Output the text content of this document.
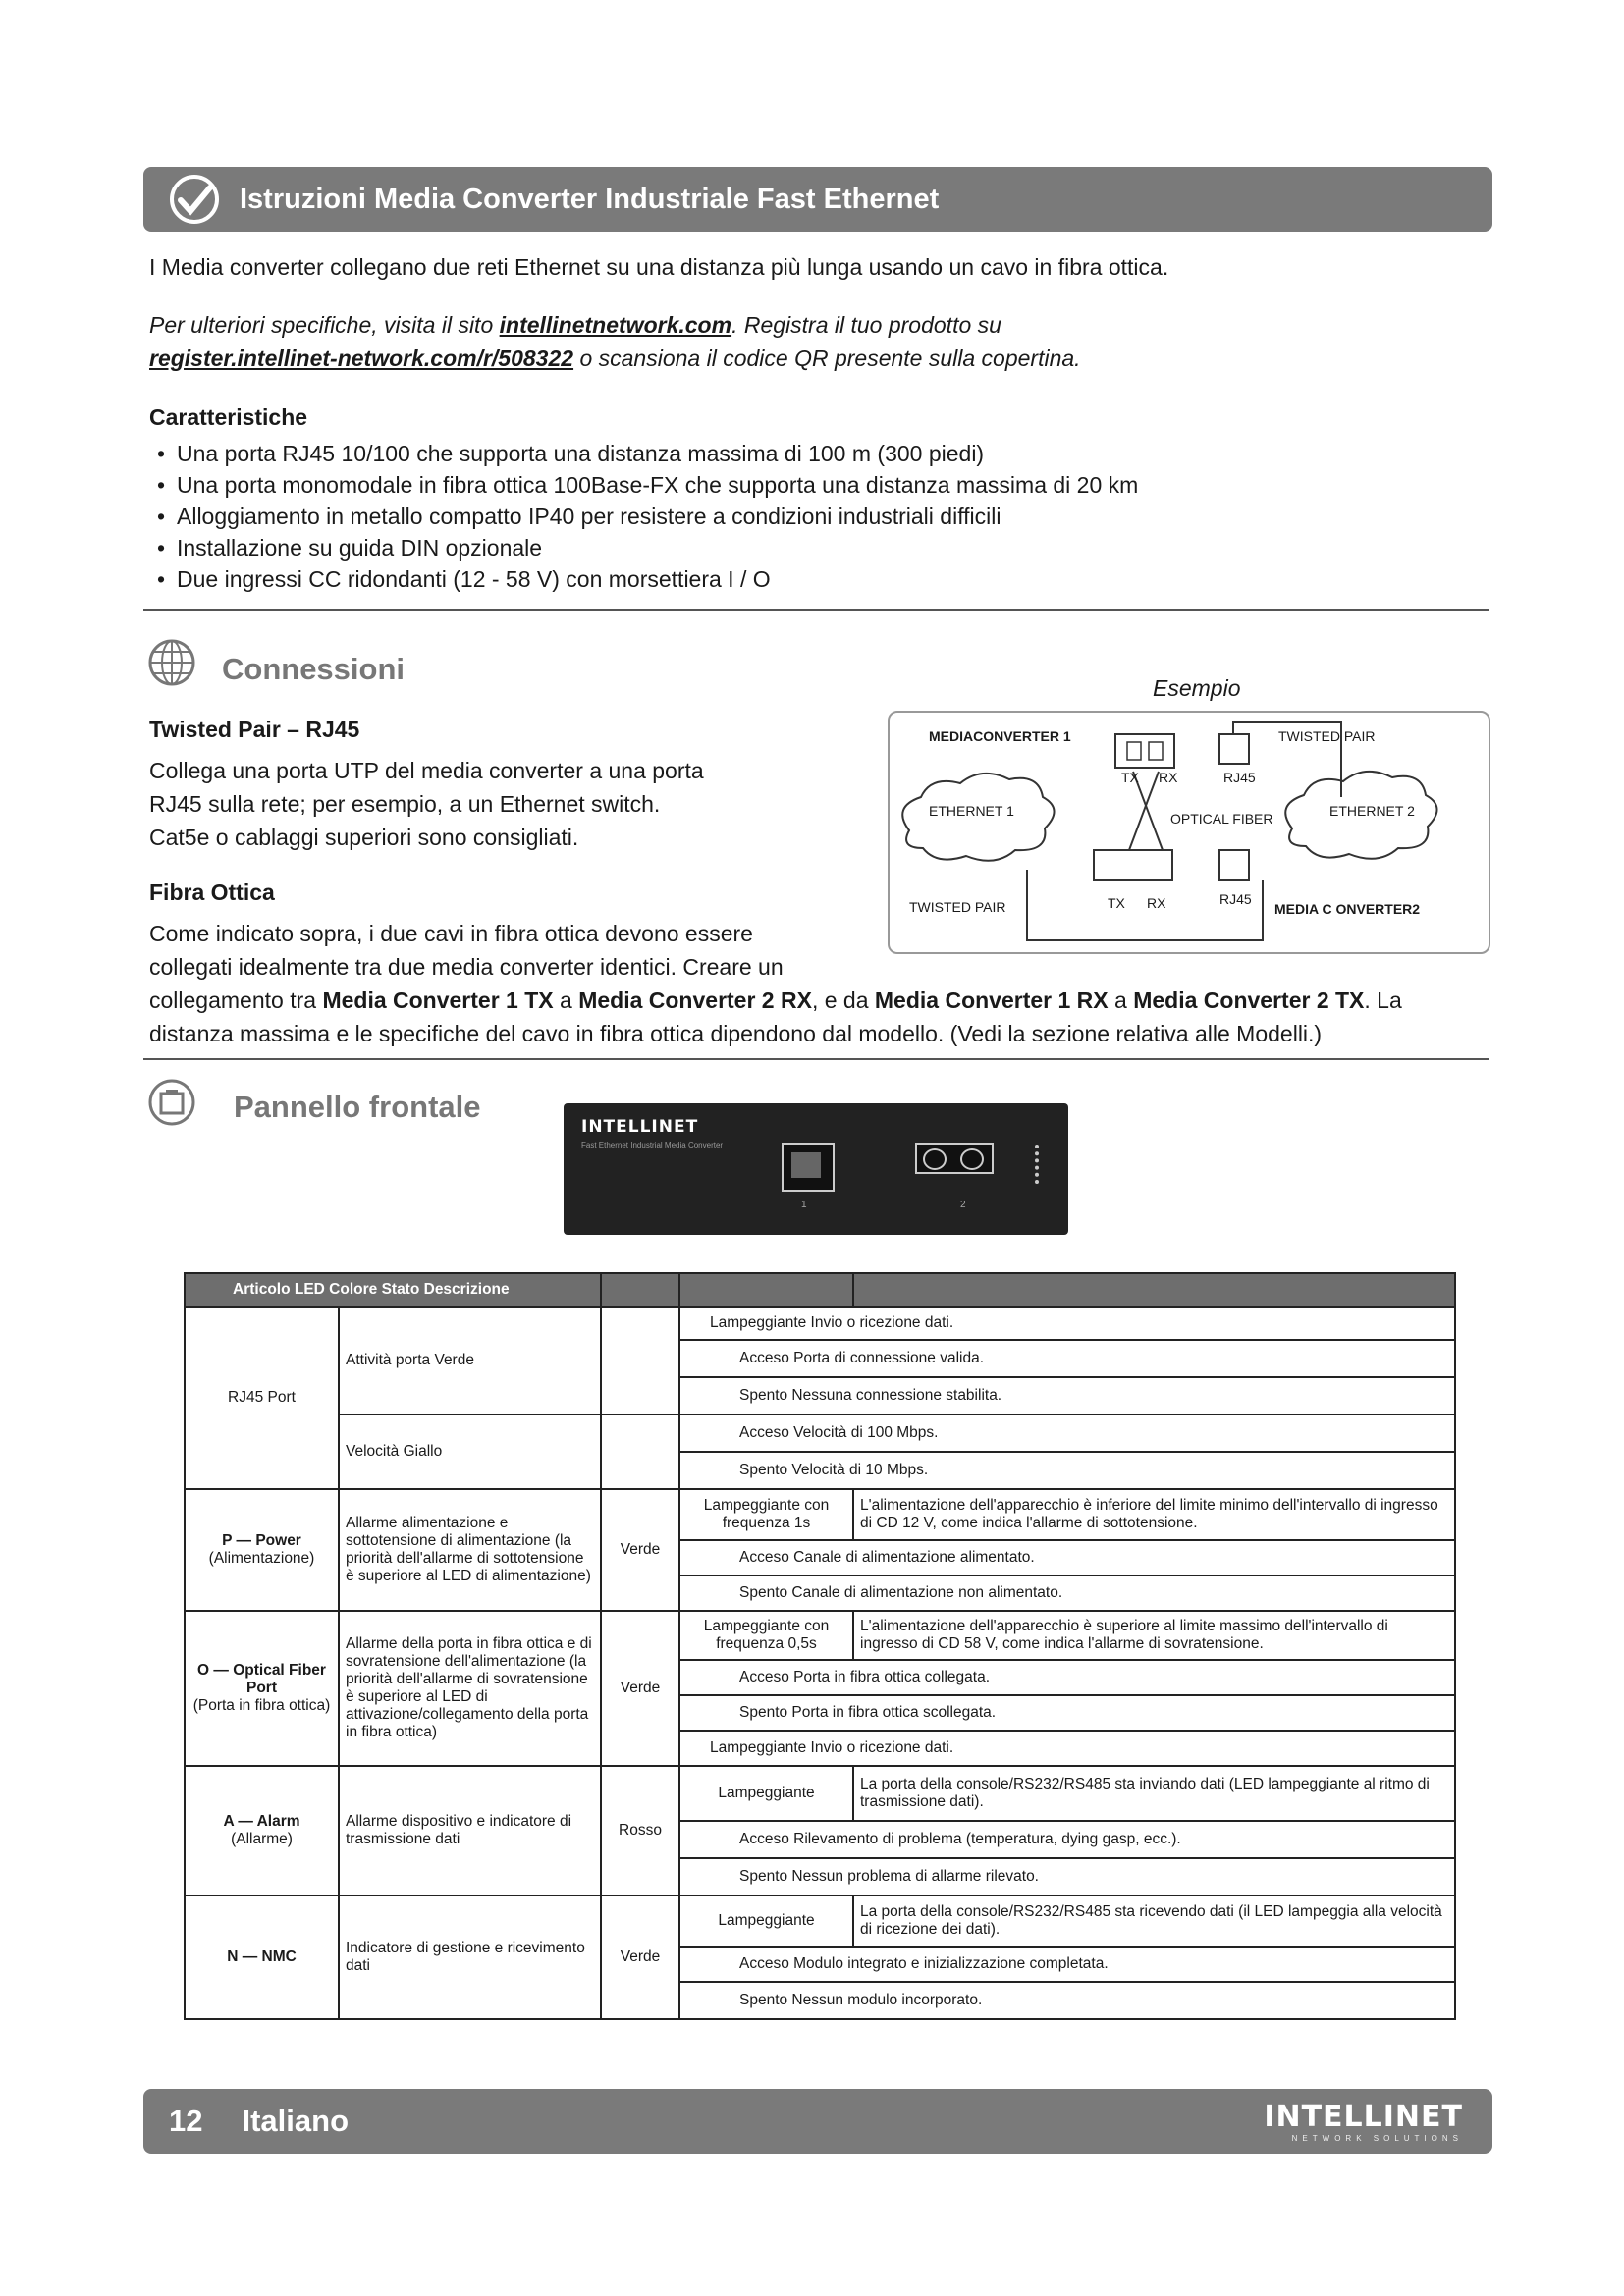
Istruzioni Media Converter Industriale Fast Ethernet
I Media converter collegano due reti Ethernet su una distanza più lunga usando un cavo in fibra ottica.
Per ulteriori specifiche, visita il sito intellinetnetwork.com. Registra il tuo prodotto su
register.intellinet-network.com/r/508322 o scansiona il codice QR presente sulla copertina.
Caratteristiche
• Una porta RJ45 10/100 che supporta una distanza massima di 100 m (300 piedi)
• Una porta monomodale in fibra ottica 100Base-FX che supporta una distanza massima di 20 km
• Alloggiamento in metallo compatto IP40 per resistere a condizioni industriali difficili
• Installazione su guida DIN opzionale
• Due ingressi CC ridondanti (12 - 58 V) con morsettiera I / O
Connessioni
Twisted Pair – RJ45
Collega una porta UTP del media converter a una porta
RJ45 sulla rete; per esempio, a un Ethernet switch.
Cat5e o cablaggi superiori sono consigliati.
Fibra Ottica
Come indicato sopra, i due cavi in fibra ottica devono essere
collegati idealmente tra due media converter identici. Creare un
collegamento tra Media Converter 1 TX a Media Converter 2 RX, e da Media Converter 1 RX a Media Converter 2 TX. La
distanza massima e le specifiche del cavo in fibra ottica dipendono dal modello. (Vedi la sezione relativa alle Modelli.)
Esempio
MEDIACONVERTER 1	TWISTED PAIR
TX RX	RJ45
ETHERNET 1	OPTICAL FIBER	ETHERNET 2
TWISTED PAIR	TX RX	RJ45
MEDIA C ONVERTER2
Pannello frontale
INTELLINET
Fast Ethernet Industrial Media Converter
1	2
Articolo LED Colore Stato Descrizione				
RJ45 Port	Attività porta Verde		Lampeggiante Invio o ricezione dati.	
			Acceso Porta di connessione valida.	
			Spento Nessuna connessione stabilita.	
	Velocità Giallo		Acceso Velocità di 100 Mbps.	
			Spento Velocità di 10 Mbps.	

P — Power
(Alimentazione)	Allarme alimentazione e sottotensione di alimentazione (la priorità dell'allarme di sottotensione è superiore al LED di alimentazione)	Verde	Lampeggiante con frequenza 1s	L'alimentazione dell'apparecchio è inferiore del limite minimo dell'intervallo di ingresso di CD 12 V, come indica l'allarme di sottotensione.
			Acceso Canale di alimentazione alimentato.	
			Spento Canale di alimentazione non alimentato.	

O — Optical Fiber Port
(Porta in fibra ottica)	Allarme della porta in fibra ottica e di sovratensione dell'alimentazione (la priorità dell'allarme di sovratensione è superiore al LED di attivazione/collegamento della porta in fibra ottica)	Verde	Lampeggiante con frequenza 0,5s	L'alimentazione dell'apparecchio è superiore al limite massimo dell'intervallo di ingresso di CD 58 V, come indica l'allarme di sovratensione.
			Acceso Porta in fibra ottica collegata.	
			Spento Porta in fibra ottica scollegata.	
			Lampeggiante Invio o ricezione dati.	

A — Alarm
(Allarme)	Allarme dispositivo e indicatore di trasmissione dati	Rosso	Lampeggiante	La porta della console/RS232/RS485 sta inviando dati (LED lampeggiante al ritmo di trasmissione dati).
			Acceso Rilevamento di problema (temperatura, dying gasp, ecc.).	
			Spento Nessun problema di allarme rilevato.	
N — NMC	Indicatore di gestione e ricevimento dati	Verde	Lampeggiante	La porta della console/RS232/RS485 sta ricevendo dati (il LED lampeggia alla velocità di ricezione dei dati).
			Acceso Modulo integrato e inizializzazione completata.	
			Spento Nessun modulo incorporato.	
12 Italiano	INTELLINET
NETWORK SOLUTIONS
